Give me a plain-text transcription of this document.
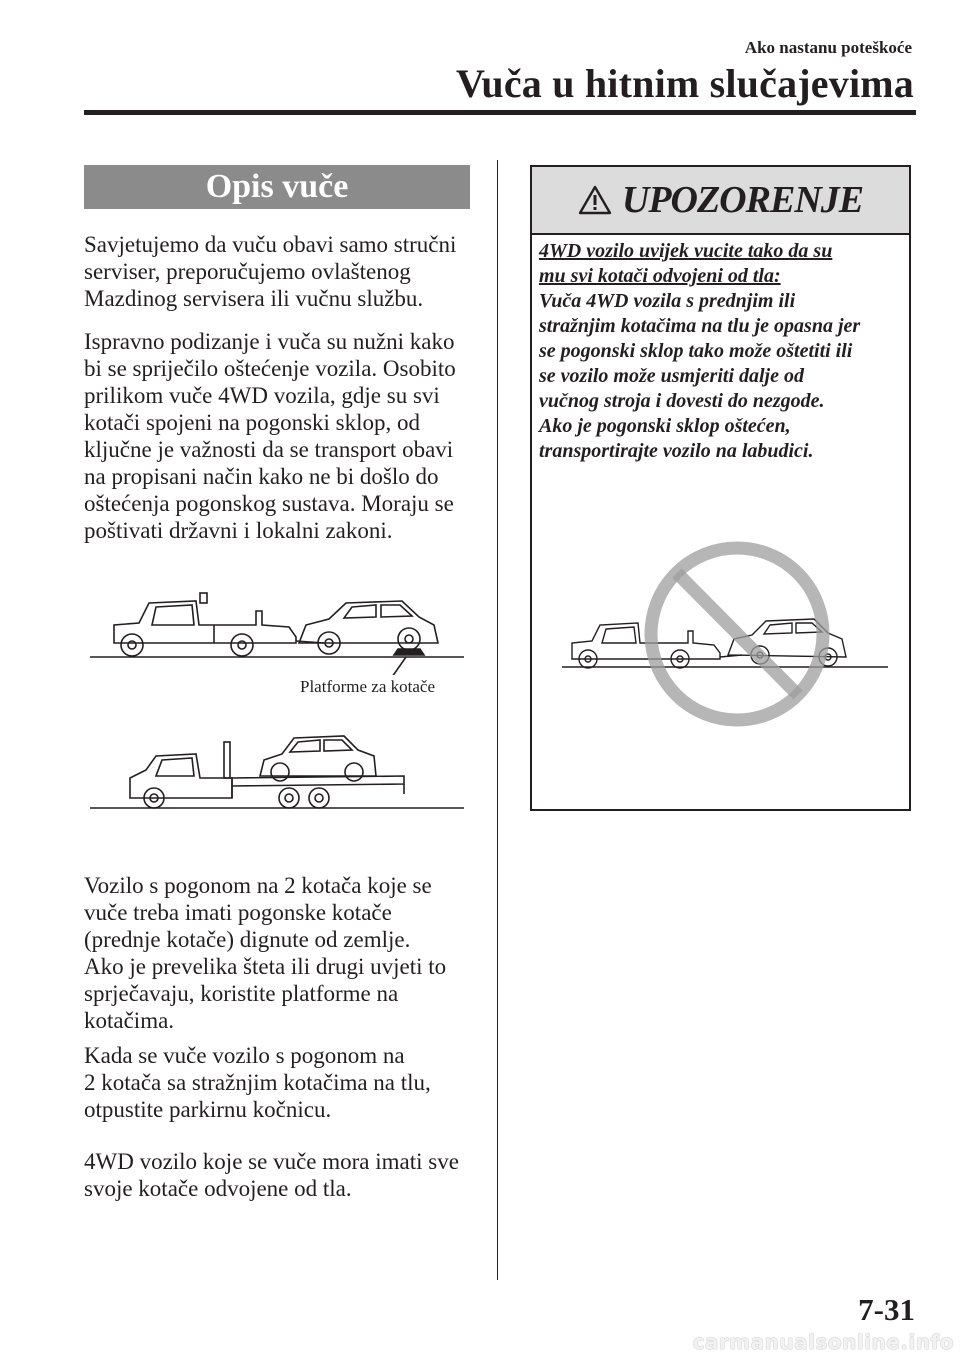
Ako nastanu poteškoće
Vuča u hitnim slučajevima
Opis vuče
Savjetujemo da vuču obavi samo stručni
serviser, preporučujemo ovlaštenog
Mazdinog servisera ili vučnu službu.
Ispravno podizanje i vuča su nužni kako
bi se spriječilo oštećenje vozila. Osobito
prilikom vuče 4WD vozila, gdje su svi
kotači spojeni na pogonski sklop, od
ključne je važnosti da se transport obavi
na propisani način kako ne bi došlo do
oštećenja pogonskog sustava. Moraju se
poštivati državni i lokalni zakoni.
Platforme za kotače
Vozilo s pogonom na 2 kotača koje se
vuče treba imati pogonske kotače
(prednje kotače) dignute od zemlje.
Ako je prevelika šteta ili drugi uvjeti to
sprječavaju, koristite platforme na
kotačima.
Kada se vuče vozilo s pogonom na
2 kotača sa stražnjim kotačima na tlu,
otpustite parkirnu kočnicu.
4WD vozilo koje se vuče mora imati sve
svoje kotače odvojene od tla.
UPOZORENJE
4WD vozilo uvijek vucite tako da su
mu svi kotači odvojeni od tla:
Vuča 4WD vozila s prednjim ili
stražnjim kotačima na tlu je opasna jer
se pogonski sklop tako može oštetiti ili
se vozilo može usmjeriti dalje od
vučnog stroja i dovesti do nezgode.
Ako je pogonski sklop oštećen,
transportirajte vozilo na labudici.
7-31
carmanualsonline.info
